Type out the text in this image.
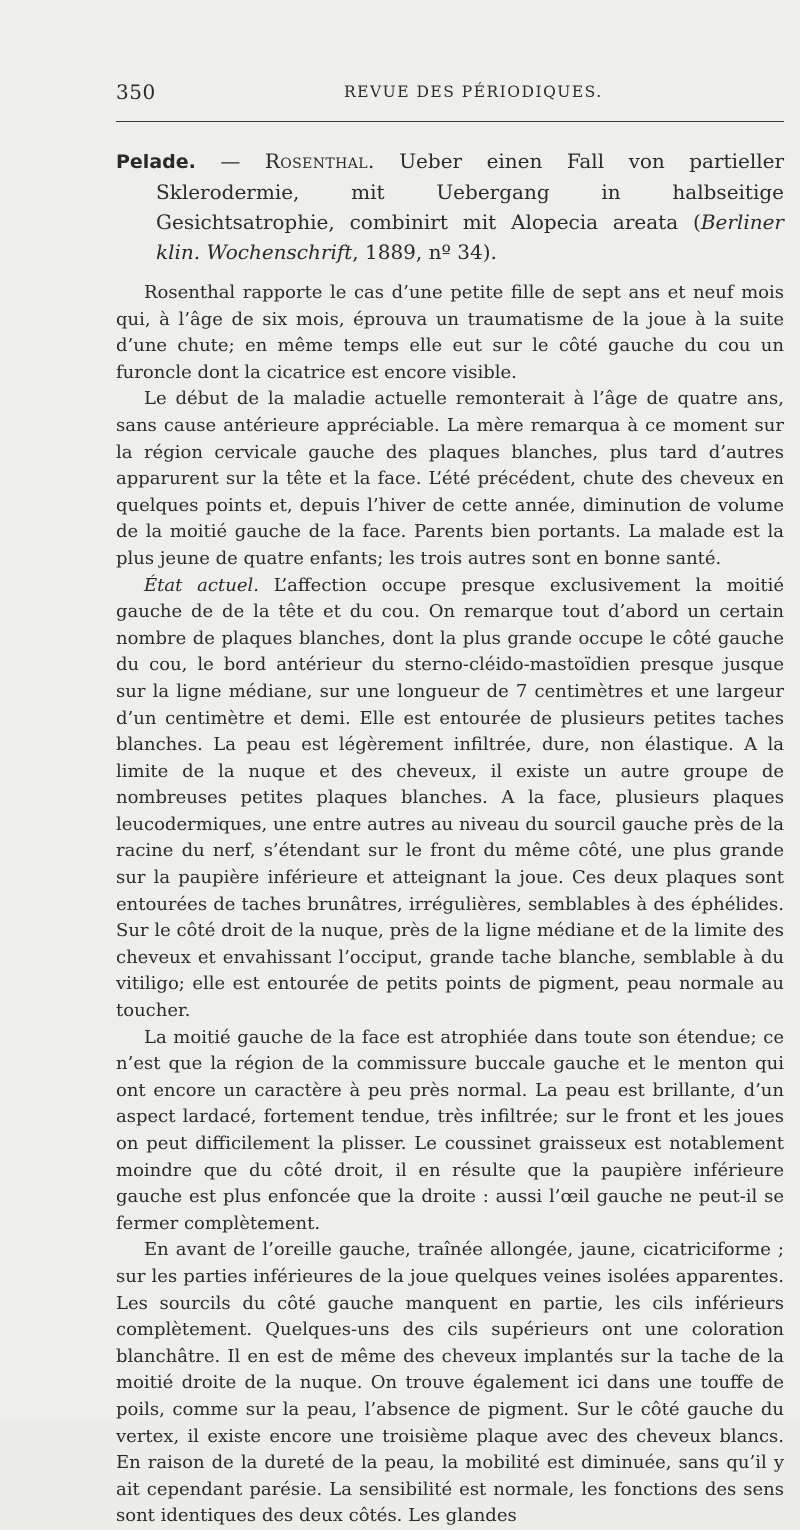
350	REVUE DES PÉRIODIQUES.

Pelade. — Rosenthal. Ueber einen Fall von partieller Sklerodermie, mit Uebergang in halbseitige Gesichtsatrophie, combinirt mit Alopecia areata (Berliner klin. Wochenschrift, 1889, nº 34).

Rosenthal rapporte le cas d’une petite fille de sept ans et neuf mois qui, à l’âge de six mois, éprouva un traumatisme de la joue à la suite d’une chute; en même temps elle eut sur le côté gauche du cou un furoncle dont la cicatrice est encore visible.

Le début de la maladie actuelle remonterait à l’âge de quatre ans, sans cause antérieure appréciable. La mère remarqua à ce moment sur la région cervicale gauche des plaques blanches, plus tard d’autres apparurent sur la tête et la face. L’été précédent, chute des cheveux en quelques points et, depuis l’hiver de cette année, diminution de volume de la moitié gauche de la face. Parents bien portants. La malade est la plus jeune de quatre enfants; les trois autres sont en bonne santé.

État actuel. L’affection occupe presque exclusivement la moitié gauche de de la tête et du cou. On remarque tout d’abord un certain nombre de plaques blanches, dont la plus grande occupe le côté gauche du cou, le bord antérieur du sterno-cléido-mastoïdien presque jusque sur la ligne médiane, sur une longueur de 7 centimètres et une largeur d’un centimètre et demi. Elle est entourée de plusieurs petites taches blanches. La peau est légèrement infiltrée, dure, non élastique. A la limite de la nuque et des cheveux, il existe un autre groupe de nombreuses petites plaques blanches. A la face, plusieurs plaques leucodermiques, une entre autres au niveau du sourcil gauche près de la racine du nerf, s’étendant sur le front du même côté, une plus grande sur la paupière inférieure et atteignant la joue. Ces deux plaques sont entourées de taches brunâtres, irrégulières, semblables à des éphélides. Sur le côté droit de la nuque, près de la ligne médiane et de la limite des cheveux et envahissant l’occiput, grande tache blanche, semblable à du vitiligo; elle est entourée de petits points de pigment, peau normale au toucher.

La moitié gauche de la face est atrophiée dans toute son étendue; ce n’est que la région de la commissure buccale gauche et le menton qui ont encore un caractère à peu près normal. La peau est brillante, d’un aspect lardacé, fortement tendue, très infiltrée; sur le front et les joues on peut difficilement la plisser. Le coussinet graisseux est notablement moindre que du côté droit, il en résulte que la paupière inférieure gauche est plus enfoncée que la droite : aussi l’œil gauche ne peut-il se fermer complètement.

En avant de l’oreille gauche, traînée allongée, jaune, cicatriciforme ; sur les parties inférieures de la joue quelques veines isolées apparentes. Les sourcils du côté gauche manquent en partie, les cils inférieurs complètement. Quelques-uns des cils supérieurs ont une coloration blanchâtre. Il en est de même des cheveux implantés sur la tache de la moitié droite de la nuque. On trouve également ici dans une touffe de poils, comme sur la peau, l’absence de pigment. Sur le côté gauche du vertex, il existe encore une troisième plaque avec des cheveux blancs. En raison de la dureté de la peau, la mobilité est diminuée, sans qu’il y ait cependant parésie. La sensibilité est normale, les fonctions des sens sont identiques des deux côtés. Les glandes
